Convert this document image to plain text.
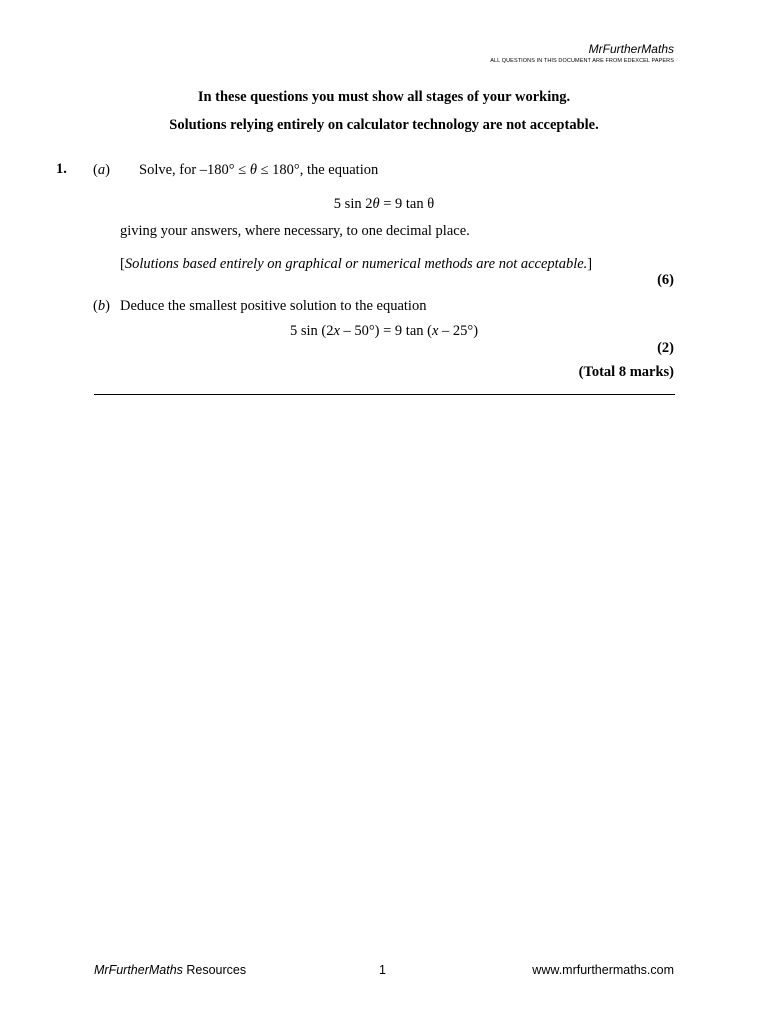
MrFurtherMaths
ALL QUESTIONS IN THIS DOCUMENT ARE FROM EDEXCEL PAPERS
In these questions you must show all stages of your working.
Solutions relying entirely on calculator technology are not acceptable.
1. (a) Solve, for –180° ≤ θ ≤ 180°, the equation
5 sin 2θ = 9 tan θ
giving your answers, where necessary, to one decimal place.
[Solutions based entirely on graphical or numerical methods are not acceptable.]
(6)
(b) Deduce the smallest positive solution to the equation
5 sin (2x – 50°) = 9 tan (x – 25°)
(2)
(Total 8 marks)
MrFurtherMaths Resources	1	www.mrfurthermaths.com
